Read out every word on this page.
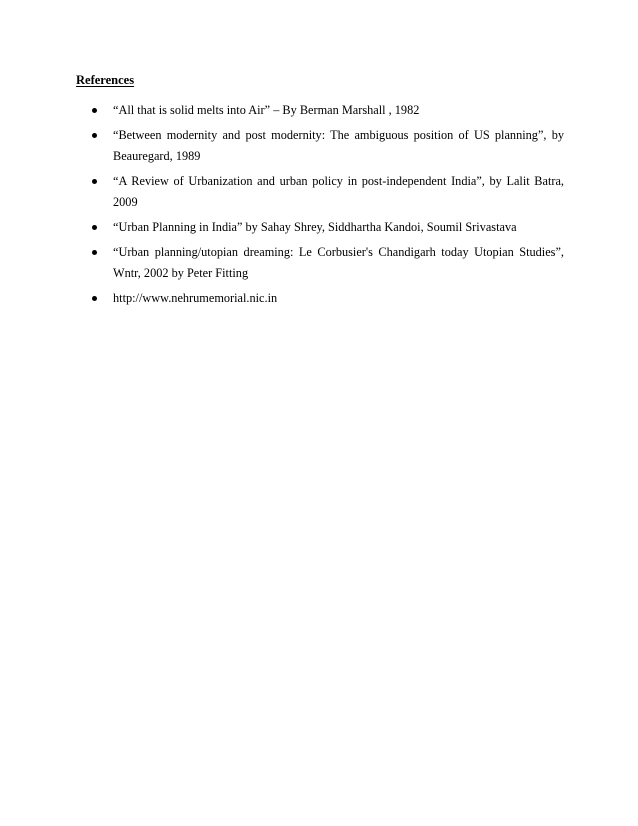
References
“All that is solid melts into Air” – By Berman Marshall , 1982
“Between modernity and post modernity: The ambiguous position of US planning”, by Beauregard, 1989
“A Review of Urbanization and urban policy in post-independent India”, by Lalit Batra, 2009
“Urban Planning in India” by Sahay Shrey, Siddhartha Kandoi, Soumil Srivastava
“Urban planning/utopian dreaming: Le Corbusier's Chandigarh today Utopian Studies”, Wntr, 2002 by Peter Fitting
http://www.nehrumemorial.nic.in
